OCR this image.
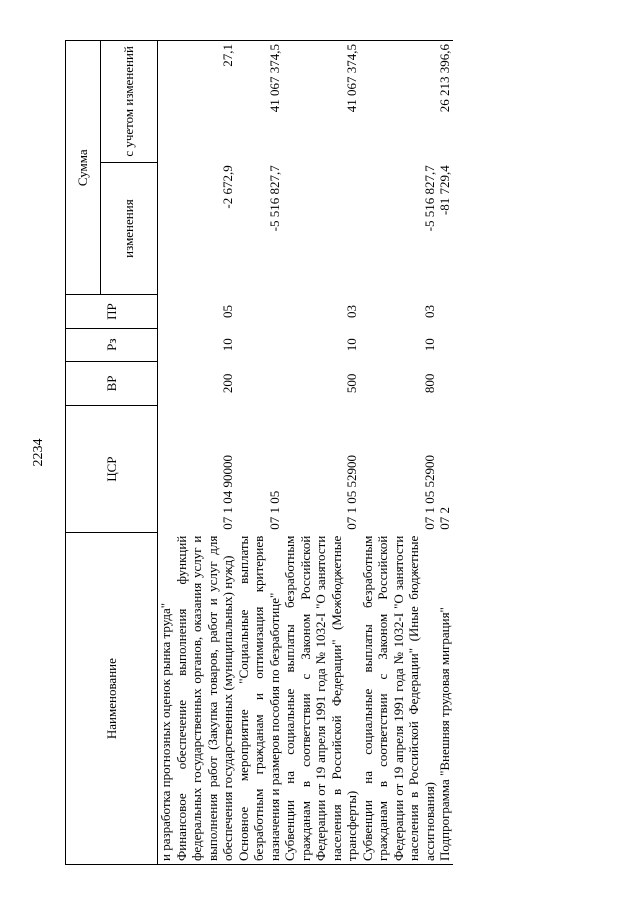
2234
Наименование	ЦСР	ВР	Рз	ПР	Сумма	
					изменения	с учетом изменений
и разработка прогнозных оценок рынка труда"						
Финансовое обеспечение выполнения функций федеральных государственных органов, оказания услуг и выполнения работ (Закупка товаров, работ и услуг для обеспечения государственных (муниципальных) нужд)	07 1 04 90000	200	10	05	-2 672,9	27,1
Основное мероприятие "Социальные выплаты безработным гражданам и оптимизация критериев назначения и размеров пособия по безработице"	07 1 05				-5 516 827,7	41 067 374,5
Субвенции на социальные выплаты безработным гражданам в соответствии с Законом Российской Федерации от 19 апреля 1991 года № 1032-I "О занятости населения в Российской Федерации" (Межбюджетные трансферты)	07 1 05 52900	500	10	03		41 067 374,5
Субвенции на социальные выплаты безработным гражданам в соответствии с Законом Российской Федерации от 19 апреля 1991 года № 1032-I "О занятости населения в Российской Федерации" (Иные бюджетные ассигнования)	07 1 05 52900	800	10	03	-5 516 827,7	
Подпрограмма "Внешняя трудовая миграция"	07 2				-81 729,4	26 213 396,6
